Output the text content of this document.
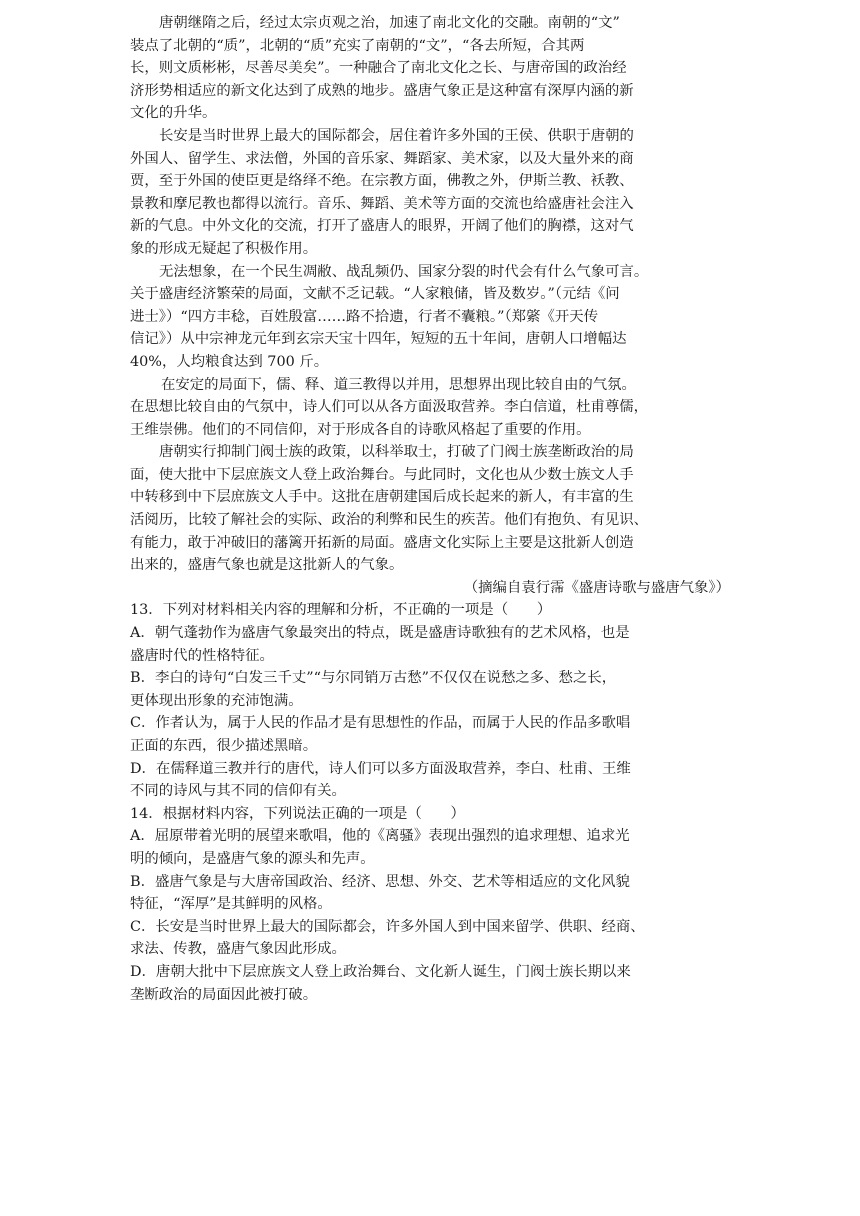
唐朝继隋之后，经过太宗贞观之治，加速了南北文化的交融。南朝的“文”

装点了北朝的“质”，北朝的“质”充实了南朝的“文”，“各去所短，合其两

长，则文质彬彬，尽善尽美矣”。一种融合了南北文化之长、与唐帝国的政治经

济形势相适应的新文化达到了成熟的地步。盛唐气象正是这种富有深厚内涵的新

文化的升华。

长安是当时世界上最大的国际都会，居住着许多外国的王侯、供职于唐朝的

外国人、留学生、求法僧，外国的音乐家、舞蹈家、美术家，以及大量外来的商

贾，至于外国的使臣更是络绎不绝。在宗教方面，佛教之外，伊斯兰教、袄教、

景教和摩尼教也都得以流行。音乐、舞蹈、美术等方面的交流也给盛唐社会注入

新的气息。中外文化的交流，打开了盛唐人的眼界，开阔了他们的胸襟，这对气

象的形成无疑起了积极作用。

无法想象，在一个民生凋敝、战乱频仍、国家分裂的时代会有什么气象可言。

关于盛唐经济繁荣的局面，文献不乏记载。“人家粮储，皆及数岁。”（元结《问

进士》）“四方丰稔，百姓殷富……路不拾遗，行者不囊粮。”（郑綮《开天传

信记》）从中宗神龙元年到玄宗天宝十四年，短短的五十年间，唐朝人口增幅达

40%，人均粮食达到 700 斤。

在安定的局面下，儒、释、道三教得以并用，思想界出现比较自由的气氛。

在思想比较自由的气氛中，诗人们可以从各方面汲取营养。李白信道，杜甫尊儒，

王维崇佛。他们的不同信仰，对于形成各自的诗歌风格起了重要的作用。

唐朝实行抑制门阀士族的政策，以科举取士，打破了门阀士族垄断政治的局

面，使大批中下层庶族文人登上政治舞台。与此同时，文化也从少数士族文人手

中转移到中下层庶族文人手中。这批在唐朝建国后成长起来的新人，有丰富的生

活阅历，比较了解社会的实际、政治的利弊和民生的疾苦。他们有抱负、有见识、

有能力，敢于冲破旧的藩篱开拓新的局面。盛唐文化实际上主要是这批新人创造

出来的，盛唐气象也就是这批新人的气象。

（摘编自袁行霈《盛唐诗歌与盛唐气象》）

13．下列对材料相关内容的理解和分析，不正确的一项是（　　）

A．朝气蓬勃作为盛唐气象最突出的特点，既是盛唐诗歌独有的艺术风格，也是

盛唐时代的性格特征。

B．李白的诗句“白发三千丈”“与尔同销万古愁”不仅仅在说愁之多、愁之长，

更体现出形象的充沛饱满。

C．作者认为，属于人民的作品才是有思想性的作品，而属于人民的作品多歌唱

正面的东西，很少描述黑暗。

D．在儒释道三教并行的唐代，诗人们可以多方面汲取营养，李白、杜甫、王维

不同的诗风与其不同的信仰有关。

14．根据材料内容，下列说法正确的一项是（　　）

A．屈原带着光明的展望来歌唱，他的《离骚》表现出强烈的追求理想、追求光

明的倾向，是盛唐气象的源头和先声。

B．盛唐气象是与大唐帝国政治、经济、思想、外交、艺术等相适应的文化风貌

特征，“浑厚”是其鲜明的风格。

C．长安是当时世界上最大的国际都会，许多外国人到中国来留学、供职、经商、

求法、传教，盛唐气象因此形成。

D．唐朝大批中下层庶族文人登上政治舞台、文化新人诞生，门阀士族长期以来

垄断政治的局面因此被打破。
